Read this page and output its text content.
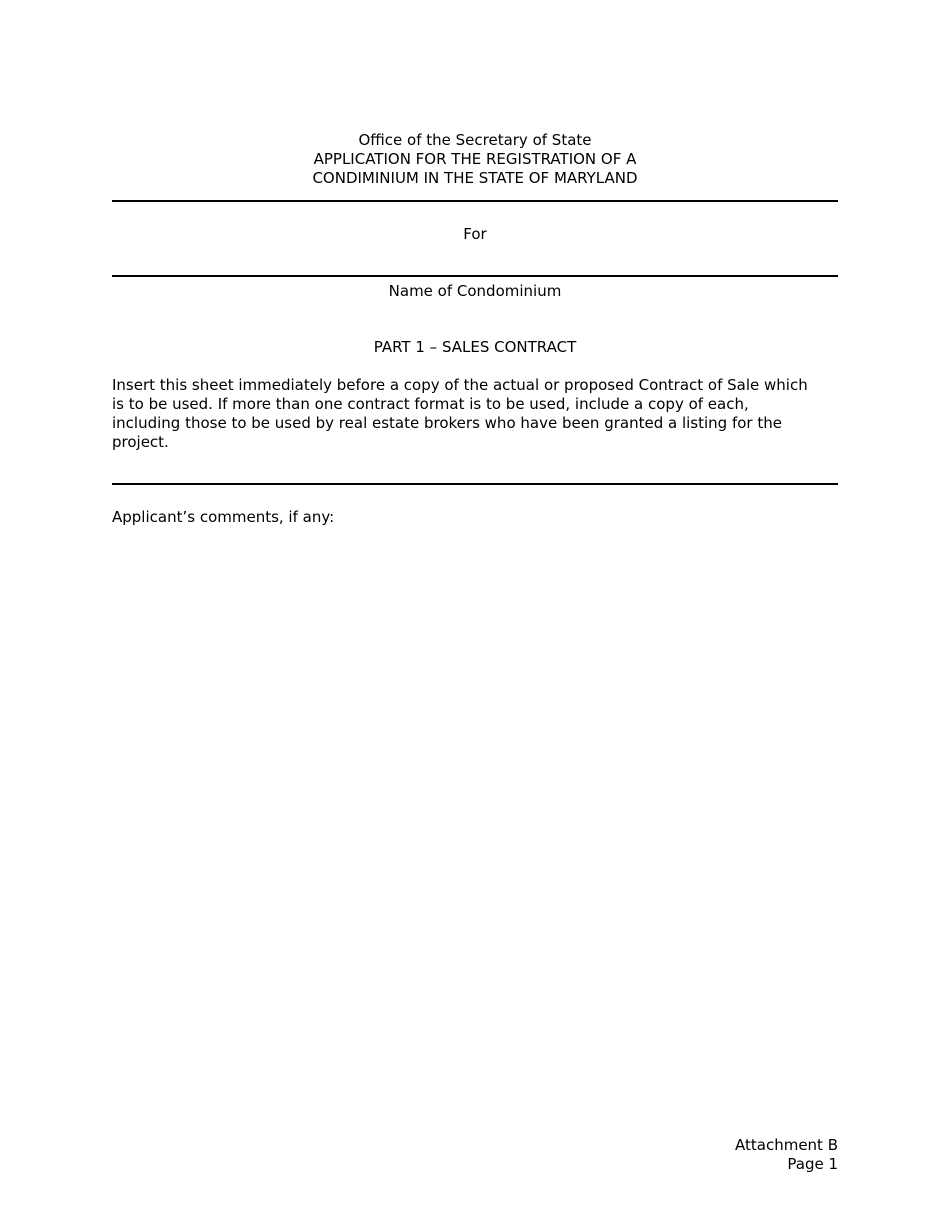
Office of the Secretary of State
APPLICATION FOR THE REGISTRATION OF A
CONDIMINIUM IN THE STATE OF MARYLAND
For
Name of Condominium
PART 1 – SALES CONTRACT
Insert this sheet immediately before a copy of the actual or proposed Contract of Sale which
is to be used. If more than one contract format is to be used, include a copy of each,
including those to be used by real estate brokers who have been granted a listing for the
project.
Applicant’s comments, if any:
Attachment B
Page 1
